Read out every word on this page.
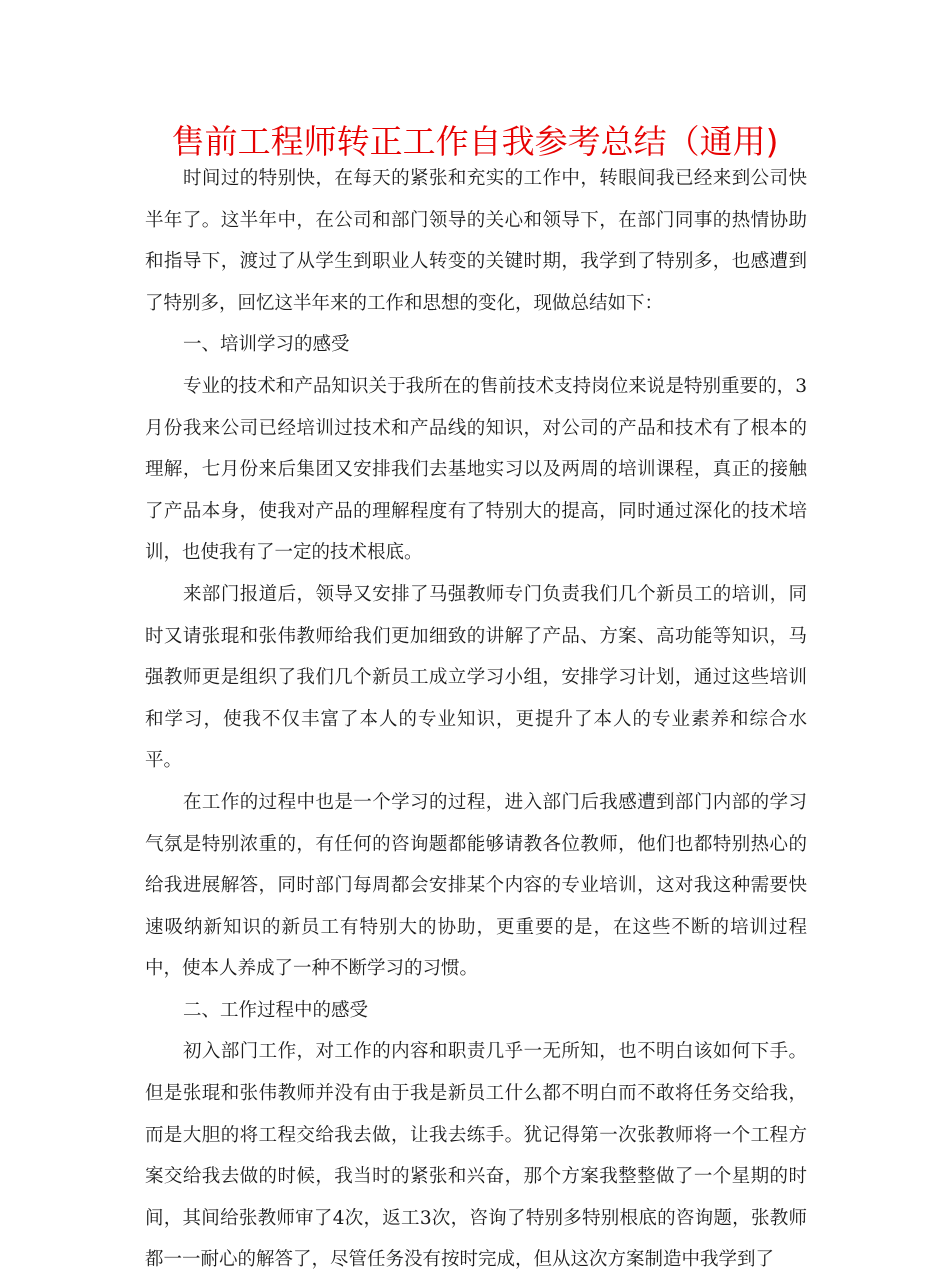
售前工程师转正工作自我参考总结（通用)

时间过的特别快，在每天的紧张和充实的工作中，转眼间我已经来到公司快半年了。这半年中，在公司和部门领导的关心和领导下，在部门同事的热情协助和指导下，渡过了从学生到职业人转变的关键时期，我学到了特别多，也感遭到了特别多，回忆这半年来的工作和思想的变化，现做总结如下：

一、培训学习的感受

专业的技术和产品知识关于我所在的售前技术支持岗位来说是特别重要的，3月份我来公司已经培训过技术和产品线的知识，对公司的产品和技术有了根本的理解，七月份来后集团又安排我们去基地实习以及两周的培训课程，真正的接触了产品本身，使我对产品的理解程度有了特别大的提高，同时通过深化的技术培训，也使我有了一定的技术根底。

来部门报道后，领导又安排了马强教师专门负责我们几个新员工的培训，同时又请张琨和张伟教师给我们更加细致的讲解了产品、方案、高功能等知识，马强教师更是组织了我们几个新员工成立学习小组，安排学习计划，通过这些培训和学习，使我不仅丰富了本人的专业知识，更提升了本人的专业素养和综合水平。

在工作的过程中也是一个学习的过程，进入部门后我感遭到部门内部的学习气氛是特别浓重的，有任何的咨询题都能够请教各位教师，他们也都特别热心的给我进展解答，同时部门每周都会安排某个内容的专业培训，这对我这种需要快速吸纳新知识的新员工有特别大的协助，更重要的是，在这些不断的培训过程中，使本人养成了一种不断学习的习惯。

二、工作过程中的感受

初入部门工作，对工作的内容和职责几乎一无所知，也不明白该如何下手。但是张琨和张伟教师并没有由于我是新员工什么都不明白而不敢将任务交给我，而是大胆的将工程交给我去做，让我去练手。犹记得第一次张教师将一个工程方案交给我去做的时候，我当时的紧张和兴奋，那个方案我整整做了一个星期的时间，其间给张教师审了4次，返工3次，咨询了特别多特别根底的咨询题，张教师都一一耐心的解答了，尽管任务没有按时完成，但从这次方案制造中我学到了
